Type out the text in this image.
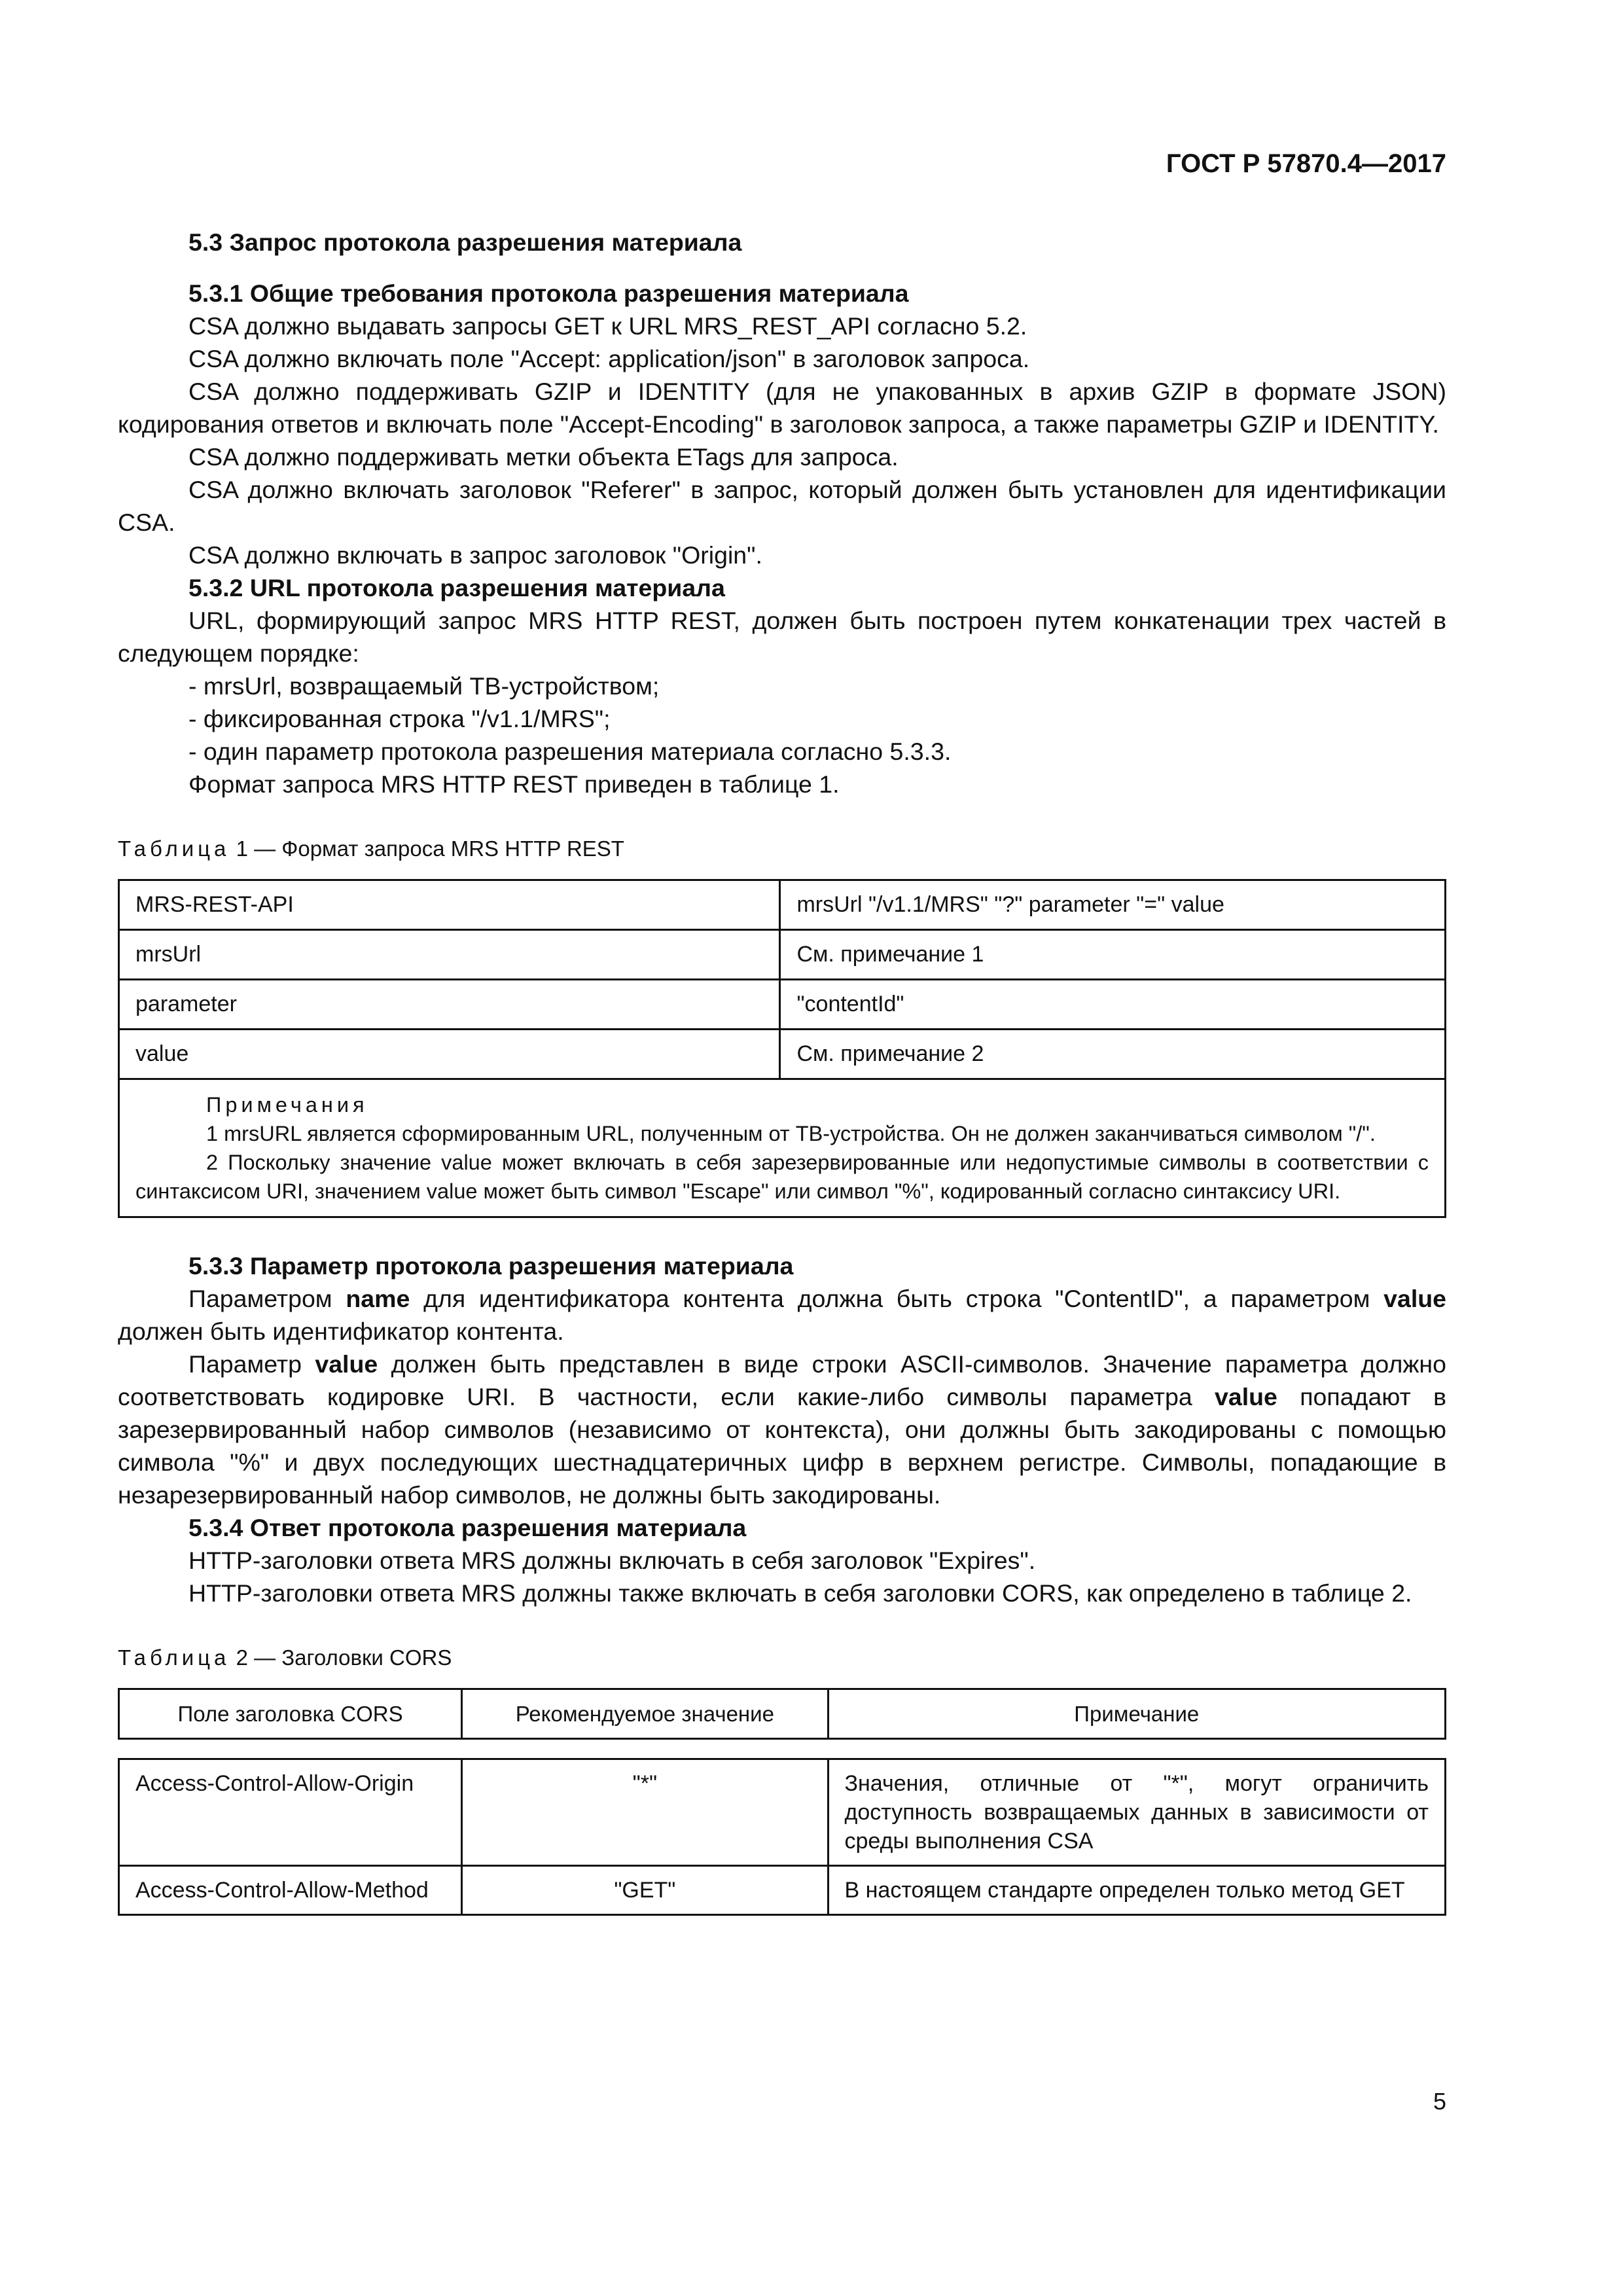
ГОСТ Р 57870.4—2017
5.3 Запрос протокола разрешения материала
5.3.1 Общие требования протокола разрешения материала

CSA должно выдавать запросы GET к URL MRS_REST_API согласно 5.2.

CSA должно включать поле "Accept: application/json" в заголовок запроса.

CSA должно поддерживать GZIP и IDENTITY (для не упакованных в архив GZIP в формате JSON) кодирования ответов и включать поле "Accept-Encoding" в заголовок запроса, а также параметры GZIP и IDENTITY.

CSA должно поддерживать метки объекта ETags для запроса.

CSA должно включать заголовок "Referer" в запрос, который должен быть установлен для идентификации CSA.

CSA должно включать в запрос заголовок "Origin".

5.3.2 URL протокола разрешения материала

URL, формирующий запрос MRS HTTP REST, должен быть построен путем конкатенации трех частей в следующем порядке:

- mrsUrl, возвращаемый ТВ-устройством;
- фиксированная строка "/v1.1/MRS";
- один параметр протокола разрешения материала согласно 5.3.3.

Формат запроса MRS HTTP REST приведен в таблице 1.

Таблица 1 — Формат запроса MRS HTTP REST
MRS-REST-API	mrsUrl "/v1.1/MRS" "?" parameter "=" value
mrsUrl	См. примечание 1
parameter	"contentId"
value	См. примечание 2

Примечания
1 mrsURL является сформированным URL, полученным от ТВ-устройства. Он не должен заканчиваться символом "/".
2 Поскольку значение value может включать в себя зарезервированные или недопустимые символы в соответствии с синтаксисом URI, значением value может быть символ "Escape" или символ "%", кодированный согласно синтаксису URI.	
5.3.3 Параметр протокола разрешения материала

Параметром name для идентификатора контента должна быть строка "ContentID", а параметром value должен быть идентификатор контента.

Параметр value должен быть представлен в виде строки ASCII-символов. Значение параметра должно соответствовать кодировке URI. В частности, если какие-либо символы параметра value попадают в зарезервированный набор символов (независимо от контекста), они должны быть закодированы с помощью символа "%" и двух последующих шестнадцатеричных цифр в верхнем регистре. Символы, попадающие в незарезервированный набор символов, не должны быть закодированы.

5.3.4 Ответ протокола разрешения материала

HTTP-заголовки ответа MRS должны включать в себя заголовок "Expires".

HTTP-заголовки ответа MRS должны также включать в себя заголовки CORS, как определено в таблице 2.

Таблица 2 — Заголовки CORS
Поле заголовка CORS	Рекомендуемое значение	Примечание

Access-Control-Allow-Origin	"*"	Значения, отличные от "*", могут ограничить доступность возвращаемых данных в зависимости от среды выполнения CSA
Access-Control-Allow-Method	"GET"	В настоящем стандарте определен только метод GET
5
